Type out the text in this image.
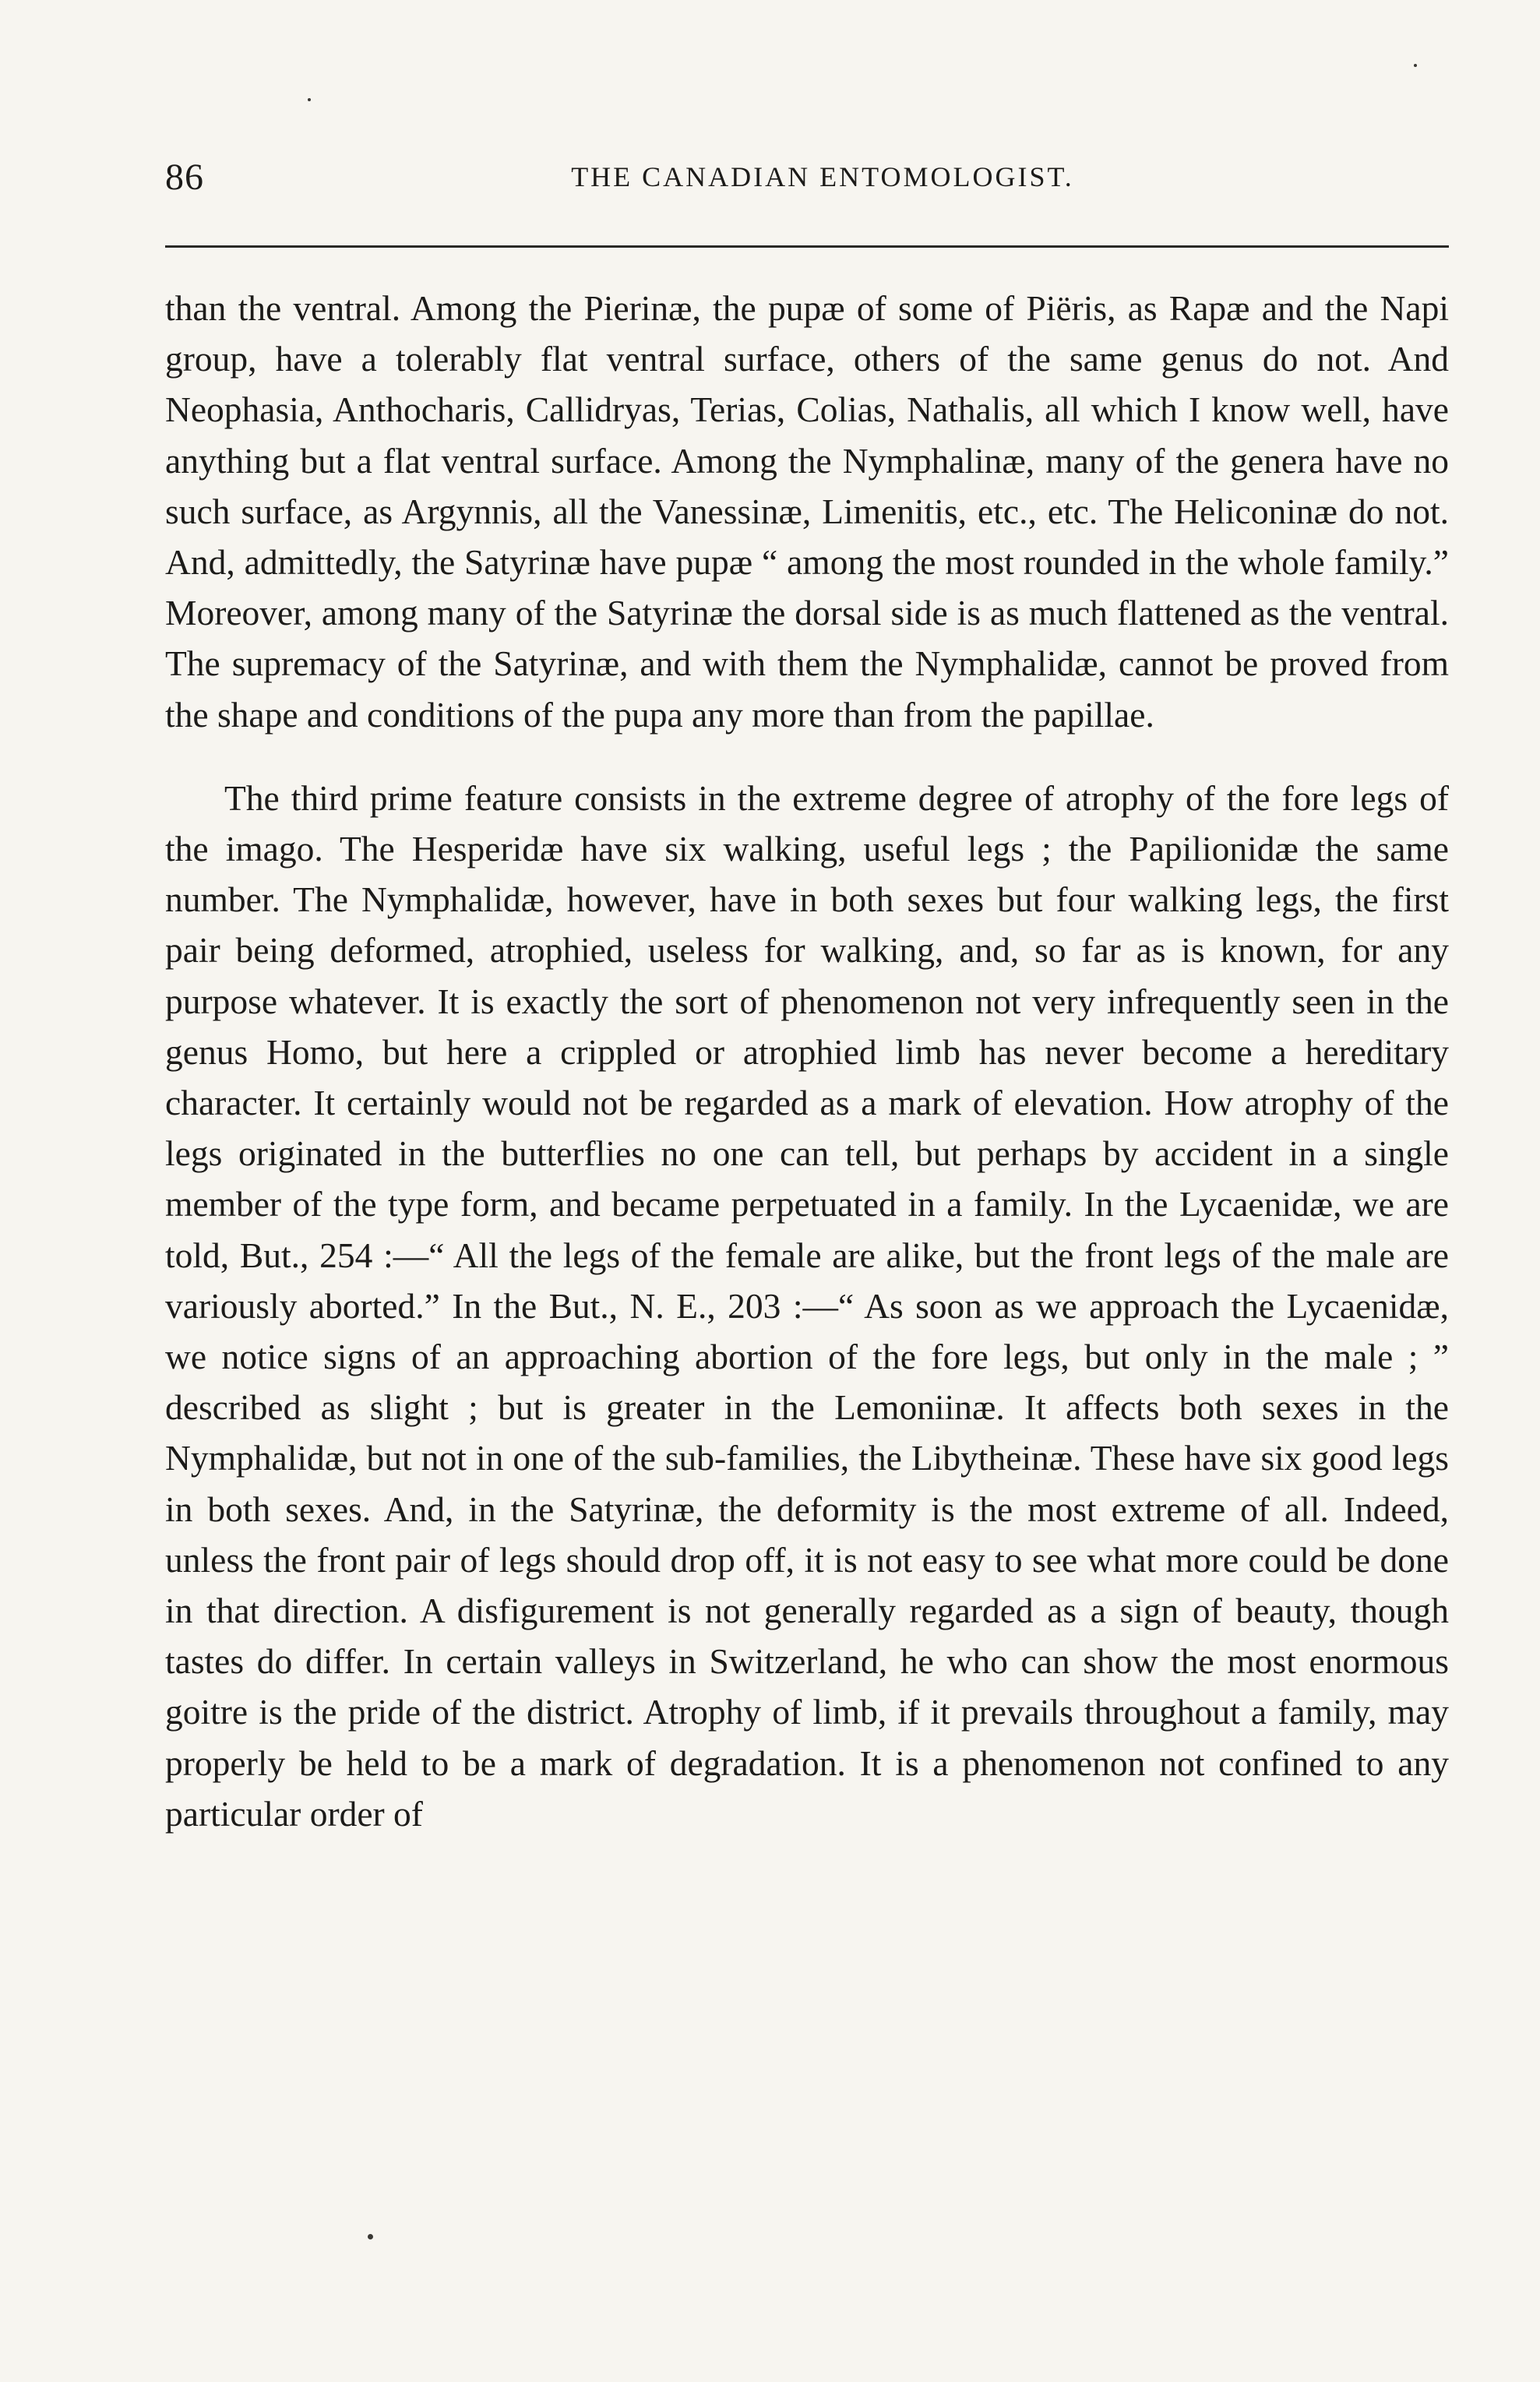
86	THE CANADIAN ENTOMOLOGIST.

than the ventral. Among the Pierinæ, the pupæ of some of Piëris, as Rapæ and the Napi group, have a tolerably flat ventral surface, others of the same genus do not. And Neophasia, Anthocharis, Callidryas, Terias, Colias, Nathalis, all which I know well, have anything but a flat ventral surface. Among the Nymphalinæ, many of the genera have no such surface, as Argynnis, all the Vanessinæ, Limenitis, etc., etc. The Heliconinæ do not. And, admittedly, the Satyrinæ have pupæ “ among the most rounded in the whole family.” Moreover, among many of the Satyrinæ the dorsal side is as much flattened as the ventral. The supremacy of the Satyrinæ, and with them the Nymphalidæ, cannot be proved from the shape and conditions of the pupa any more than from the papillae.

The third prime feature consists in the extreme degree of atrophy of the fore legs of the imago. The Hesperidæ have six walking, useful legs ; the Papilionidæ the same number. The Nymphalidæ, however, have in both sexes but four walking legs, the first pair being deformed, atrophied, useless for walking, and, so far as is known, for any purpose whatever. It is exactly the sort of phenomenon not very infrequently seen in the genus Homo, but here a crippled or atrophied limb has never become a hereditary character. It certainly would not be regarded as a mark of elevation. How atrophy of the legs originated in the butterflies no one can tell, but perhaps by accident in a single member of the type form, and became perpetuated in a family. In the Lycaenidæ, we are told, But., 254 :—“ All the legs of the female are alike, but the front legs of the male are variously aborted.” In the But., N. E., 203 :—“ As soon as we approach the Lycaenidæ, we notice signs of an approaching abortion of the fore legs, but only in the male ; ” described as slight ; but is greater in the Lemoniinæ. It affects both sexes in the Nymphalidæ, but not in one of the sub-families, the Libytheinæ. These have six good legs in both sexes. And, in the Satyrinæ, the deformity is the most extreme of all. Indeed, unless the front pair of legs should drop off, it is not easy to see what more could be done in that direction. A disfigurement is not generally regarded as a sign of beauty, though tastes do differ. In certain valleys in Switzerland, he who can show the most enormous goitre is the pride of the district. Atrophy of limb, if it prevails throughout a family, may properly be held to be a mark of degradation. It is a phenomenon not confined to any particular order of
